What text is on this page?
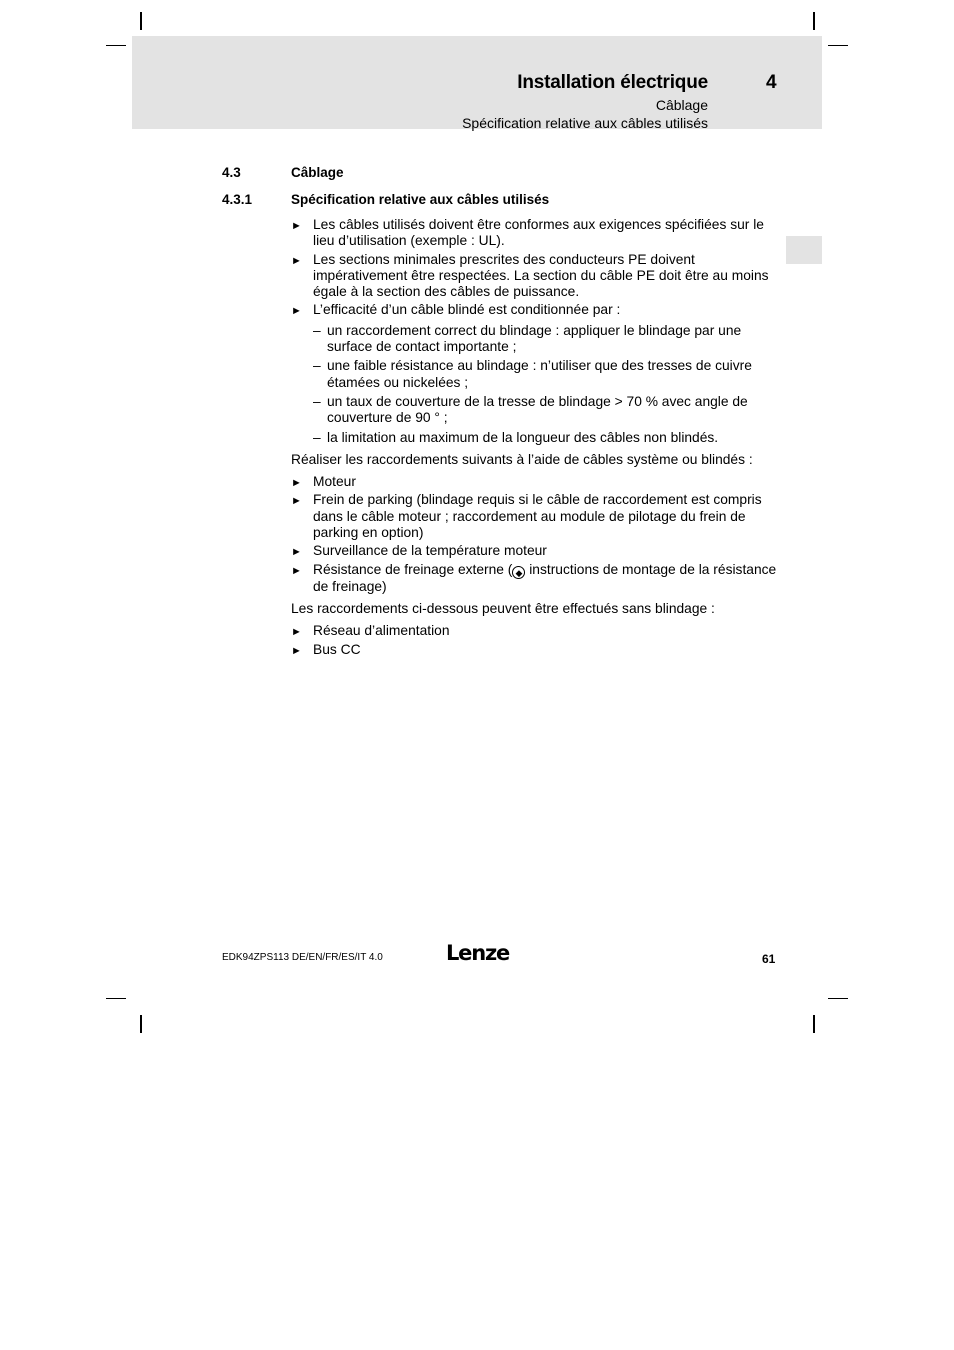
Installation électrique	4
Câblage
Spécification relative aux câbles utilisés
4.3	Câblage
4.3.1	Spécification relative aux câbles utilisés
► Les câbles utilisés doivent être conformes aux exigences spécifiées sur le lieu d’utilisation (exemple : UL).
► Les sections minimales prescrites des conducteurs PE doivent impérativement être respectées. La section du câble PE doit être au moins égale à la section des câbles de puissance.
► L’efficacité d’un câble blindé est conditionnée par :
– un raccordement correct du blindage : appliquer le blindage par une surface de contact importante ;
– une faible résistance au blindage : n’utiliser que des tresses de cuivre étamées ou nickelées ;
– un taux de couverture de la tresse de blindage > 70 % avec angle de couverture de 90 ° ;
– la limitation au maximum de la longueur des câbles non blindés.

Réaliser les raccordements suivants à l’aide de câbles système ou blindés :

► Moteur
► Frein de parking (blindage requis si le câble de raccordement est compris dans le câble moteur ; raccordement au module de pilotage du frein de parking en option)
► Surveillance de la température moteur
► Résistance de freinage externe ( ◆ instructions de montage de la résistance de freinage)

Les raccordements ci-dessous peuvent être effectués sans blindage :

► Réseau d’alimentation
► Bus CC
EDK94ZPS113 DE/EN/FR/ES/IT 4.0	Lenze	61
